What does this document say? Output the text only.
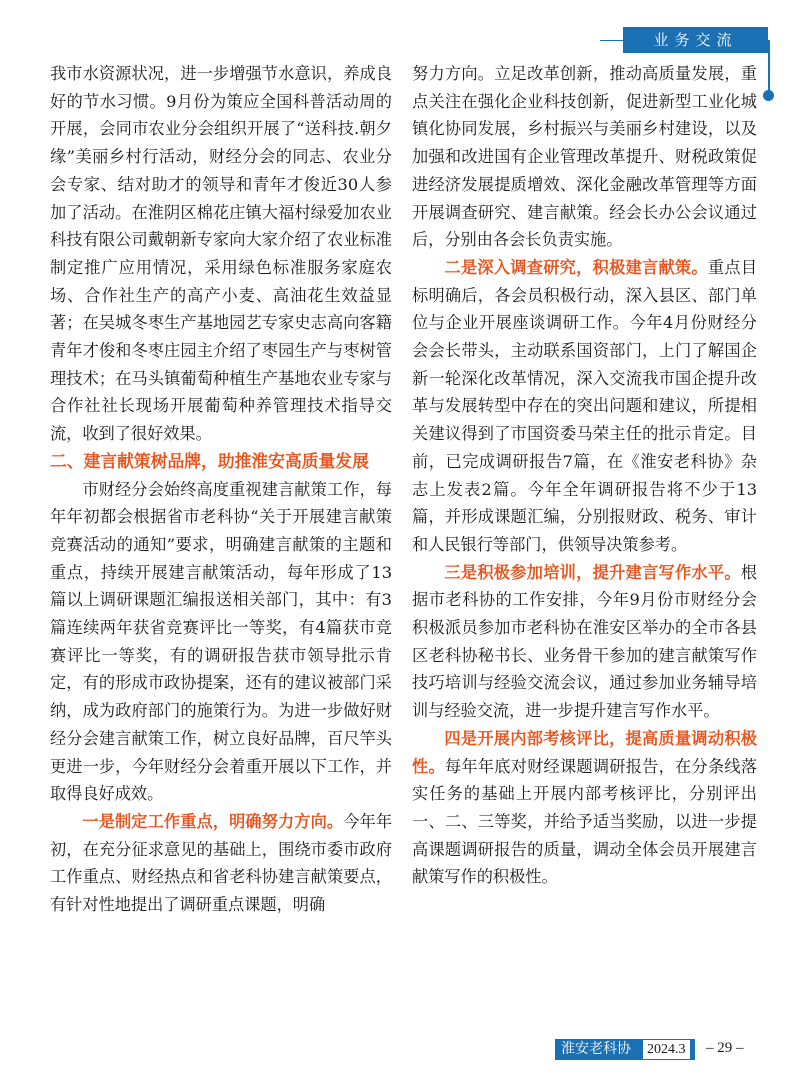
业务交流

我市水资源状况，进一步增强节水意识，养成良好的节水习惯。9月份为策应全国科普活动周的开展，会同市农业分会组织开展了“送科技.朝夕缘”美丽乡村行活动，财经分会的同志、农业分会专家、结对助才的领导和青年才俊近30人参加了活动。在淮阴区棉花庄镇大福村绿爱加农业科技有限公司戴朝新专家向大家介绍了农业标准制定推广应用情况，采用绿色标准服务家庭农场、合作社生产的高产小麦、高油花生效益显著；在吴城冬枣生产基地园艺专家史志高向客籍青年才俊和冬枣庄园主介绍了枣园生产与枣树管理技术；在马头镇葡萄种植生产基地农业专家与合作社社长现场开展葡萄种养管理技术指导交流，收到了很好效果。

二、建言献策树品牌，助推淮安高质量发展

市财经分会始终高度重视建言献策工作，每年年初都会根据省市老科协“关于开展建言献策竞赛活动的通知”要求，明确建言献策的主题和重点，持续开展建言献策活动，每年形成了13篇以上调研课题汇编报送相关部门，其中：有3篇连续两年获省竞赛评比一等奖，有4篇获市竞赛评比一等奖，有的调研报告获市领导批示肯定，有的形成市政协提案，还有的建议被部门采纳，成为政府部门的施策行为。为进一步做好财经分会建言献策工作，树立良好品牌，百尺竿头更进一步，今年财经分会着重开展以下工作，并取得良好成效。

一是制定工作重点，明确努力方向。今年年初，在充分征求意见的基础上，围绕市委市政府工作重点、财经热点和省老科协建言献策要点，有针对性地提出了调研重点课题，明确

努力方向。立足改革创新，推动高质量发展，重点关注在强化企业科技创新，促进新型工业化城镇化协同发展，乡村振兴与美丽乡村建设，以及加强和改进国有企业管理改革提升、财税政策促进经济发展提质增效、深化金融改革管理等方面开展调查研究、建言献策。经会长办公会议通过后，分别由各会长负责实施。

二是深入调查研究，积极建言献策。重点目标明确后，各会员积极行动，深入县区、部门单位与企业开展座谈调研工作。今年4月份财经分会会长带头，主动联系国资部门，上门了解国企新一轮深化改革情况，深入交流我市国企提升改革与发展转型中存在的突出问题和建议，所提相关建议得到了市国资委马荣主任的批示肯定。目前，已完成调研报告7篇，在《淮安老科协》杂志上发表2篇。今年全年调研报告将不少于13篇，并形成课题汇编，分别报财政、税务、审计和人民银行等部门，供领导决策参考。

三是积极参加培训，提升建言写作水平。根据市老科协的工作安排，今年9月份市财经分会积极派员参加市老科协在淮安区举办的全市各县区老科协秘书长、业务骨干参加的建言献策写作技巧培训与经验交流会议，通过参加业务辅导培训与经验交流，进一步提升建言写作水平。

四是开展内部考核评比，提高质量调动积极性。每年年底对财经课题调研报告，在分条线落实任务的基础上开展内部考核评比，分别评出一、二、三等奖，并给予适当奖励，以进一步提高课题调研报告的质量，调动全体会员开展建言献策写作的积极性。

淮安老科协	2024.3 – 29 –
